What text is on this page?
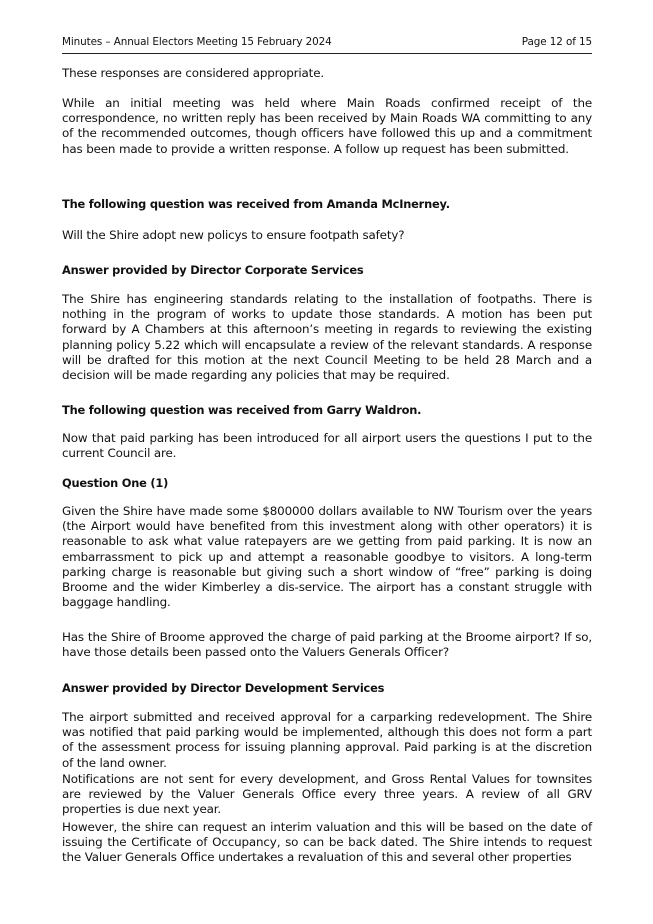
Minutes – Annual Electors Meeting 15 February 2024	Page 12 of 15

These responses are considered appropriate.

While an initial meeting was held where Main Roads confirmed receipt of the correspondence, no written reply has been received by Main Roads WA committing to any of the recommended outcomes, though officers have followed this up and a commitment has been made to provide a written response. A follow up request has been submitted.

The following question was received from Amanda McInerney.

Will the Shire adopt new policys to ensure footpath safety?

Answer provided by Director Corporate Services

The Shire has engineering standards relating to the installation of footpaths. There is nothing in the program of works to update those standards. A motion has been put forward by A Chambers at this afternoon’s meeting in regards to reviewing the existing planning policy 5.22 which will encapsulate a review of the relevant standards. A response will be drafted for this motion at the next Council Meeting to be held 28 March and a decision will be made regarding any policies that may be required.

The following question was received from Garry Waldron.

Now that paid parking has been introduced for all airport users the questions I put to the current Council are.

Question One (1)

Given the Shire have made some $800000 dollars available to NW Tourism over the years (the Airport would have benefited from this investment along with other operators) it is reasonable to ask what value ratepayers are we getting from paid parking. It is now an embarrassment to pick up and attempt a reasonable goodbye to visitors. A long-term parking charge is reasonable but giving such a short window of “free” parking is doing Broome and the wider Kimberley a dis-service. The airport has a constant struggle with baggage handling.

Has the Shire of Broome approved the charge of paid parking at the Broome airport? If so, have those details been passed onto the Valuers Generals Officer?

Answer provided by Director Development Services

The airport submitted and received approval for a carparking redevelopment. The Shire was notified that paid parking would be implemented, although this does not form a part of the assessment process for issuing planning approval. Paid parking is at the discretion of the land owner.

Notifications are not sent for every development, and Gross Rental Values for townsites are reviewed by the Valuer Generals Office every three years. A review of all GRV properties is due next year.

However, the shire can request an interim valuation and this will be based on the date of issuing the Certificate of Occupancy, so can be back dated. The Shire intends to request the Valuer Generals Office undertakes a revaluation of this and several other properties
